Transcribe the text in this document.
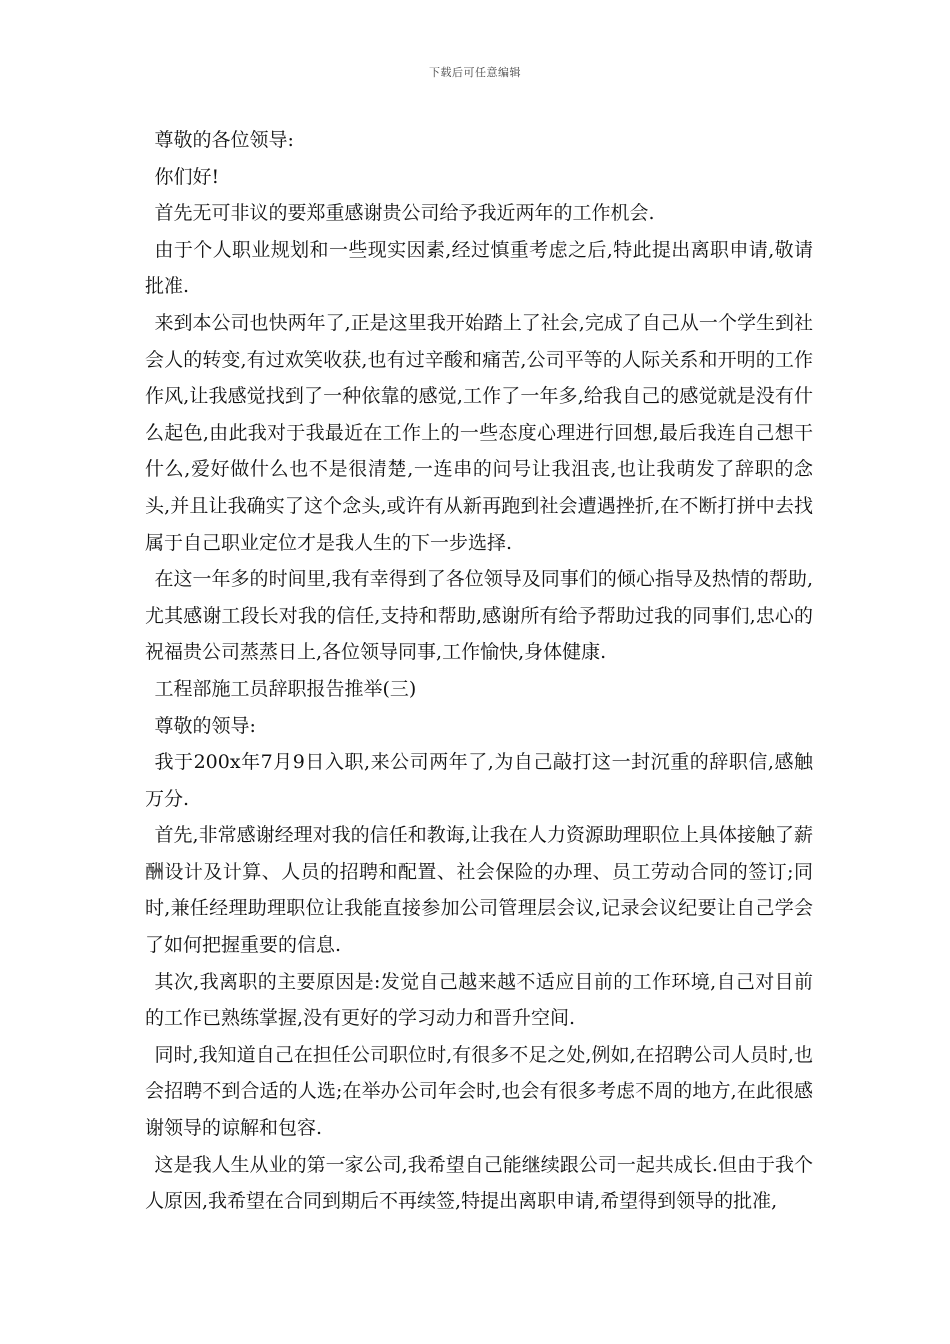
下载后可任意编辑

尊敬的各位领导:

你们好!

首先无可非议的要郑重感谢贵公司给予我近两年的工作机会.

由于个人职业规划和一些现实因素,经过慎重考虑之后,特此提出离职申请,敬请批准.

来到本公司也快两年了,正是这里我开始踏上了社会,完成了自己从一个学生到社会人的转变,有过欢笑收获,也有过辛酸和痛苦,公司平等的人际关系和开明的工作作风,让我感觉找到了一种依靠的感觉,工作了一年多,给我自己的感觉就是没有什么起色,由此我对于我最近在工作上的一些态度心理进行回想,最后我连自己想干什么,爱好做什么也不是很清楚,一连串的问号让我沮丧,也让我萌发了辞职的念头,并且让我确实了这个念头,或许有从新再跑到社会遭遇挫折,在不断打拼中去找属于自己职业定位才是我人生的下一步选择.

在这一年多的时间里,我有幸得到了各位领导及同事们的倾心指导及热情的帮助,尤其感谢工段长对我的信任,支持和帮助,感谢所有给予帮助过我的同事们,忠心的祝福贵公司蒸蒸日上,各位领导同事,工作愉快,身体健康.

工程部施工员辞职报告推举(三)

尊敬的领导:

我于200x年7月9日入职,来公司两年了,为自己敲打这一封沉重的辞职信,感触万分.

首先,非常感谢经理对我的信任和教诲,让我在人力资源助理职位上具体接触了薪酬设计及计算、人员的招聘和配置、社会保险的办理、员工劳动合同的签订;同时,兼任经理助理职位让我能直接参加公司管理层会议,记录会议纪要让自己学会了如何把握重要的信息.

其次,我离职的主要原因是:发觉自己越来越不适应目前的工作环境,自己对目前的工作已熟练掌握,没有更好的学习动力和晋升空间.

同时,我知道自己在担任公司职位时,有很多不足之处,例如,在招聘公司人员时,也会招聘不到合适的人选;在举办公司年会时,也会有很多考虑不周的地方,在此很感谢领导的谅解和包容.

这是我人生从业的第一家公司,我希望自己能继续跟公司一起共成长.但由于我个人原因,我希望在合同到期后不再续签,特提出离职申请,希望得到领导的批准,
